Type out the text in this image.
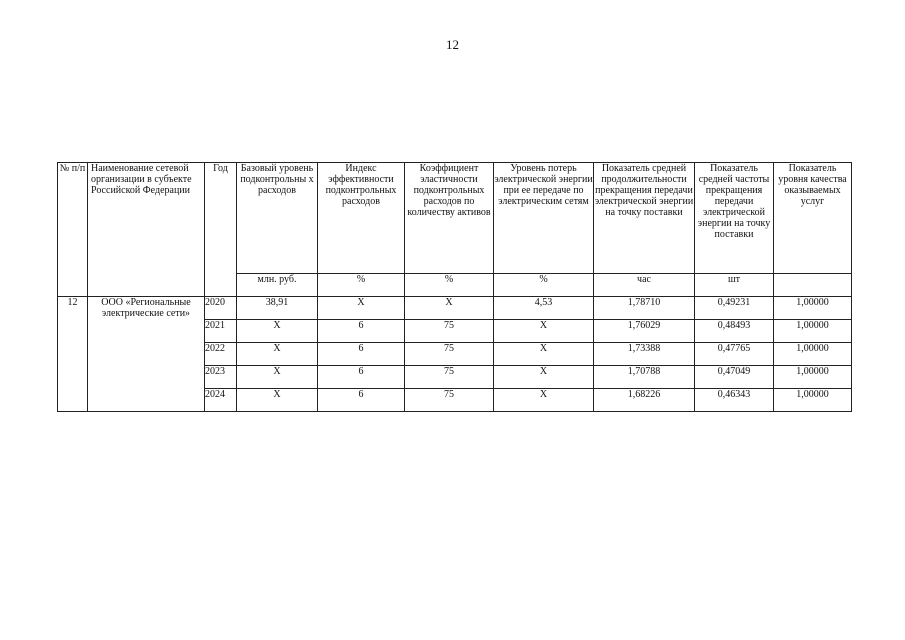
12
№ п/п	Наименование сетевой организации в субъекте Российской Федерации	Год	Базовый уровень подконтрольны х расходов	Индекс эффективности подконтрольных расходов	Коэффициент эластичности подконтрольных расходов по количеству активов	Уровень потерь электрической энергии при ее передаче по электрическим сетям	Показатель средней продолжительности прекращения передачи электрической энергии на точку поставки	Показатель средней частоты прекращения передачи электрической энергии на точку поставки	Показатель уровня качества оказываемых услуг
			млн. руб.	%	%	%	час	шт	
12	ООО «Региональные электрические сети»	2020	38,91	X	X	4,53	1,78710	0,49231	1,00000
		2021	X	6	75	X	1,76029	0,48493	1,00000
		2022	X	6	75	X	1,73388	0,47765	1,00000
		2023	X	6	75	X	1,70788	0,47049	1,00000
		2024	X	6	75	X	1,68226	0,46343	1,00000
